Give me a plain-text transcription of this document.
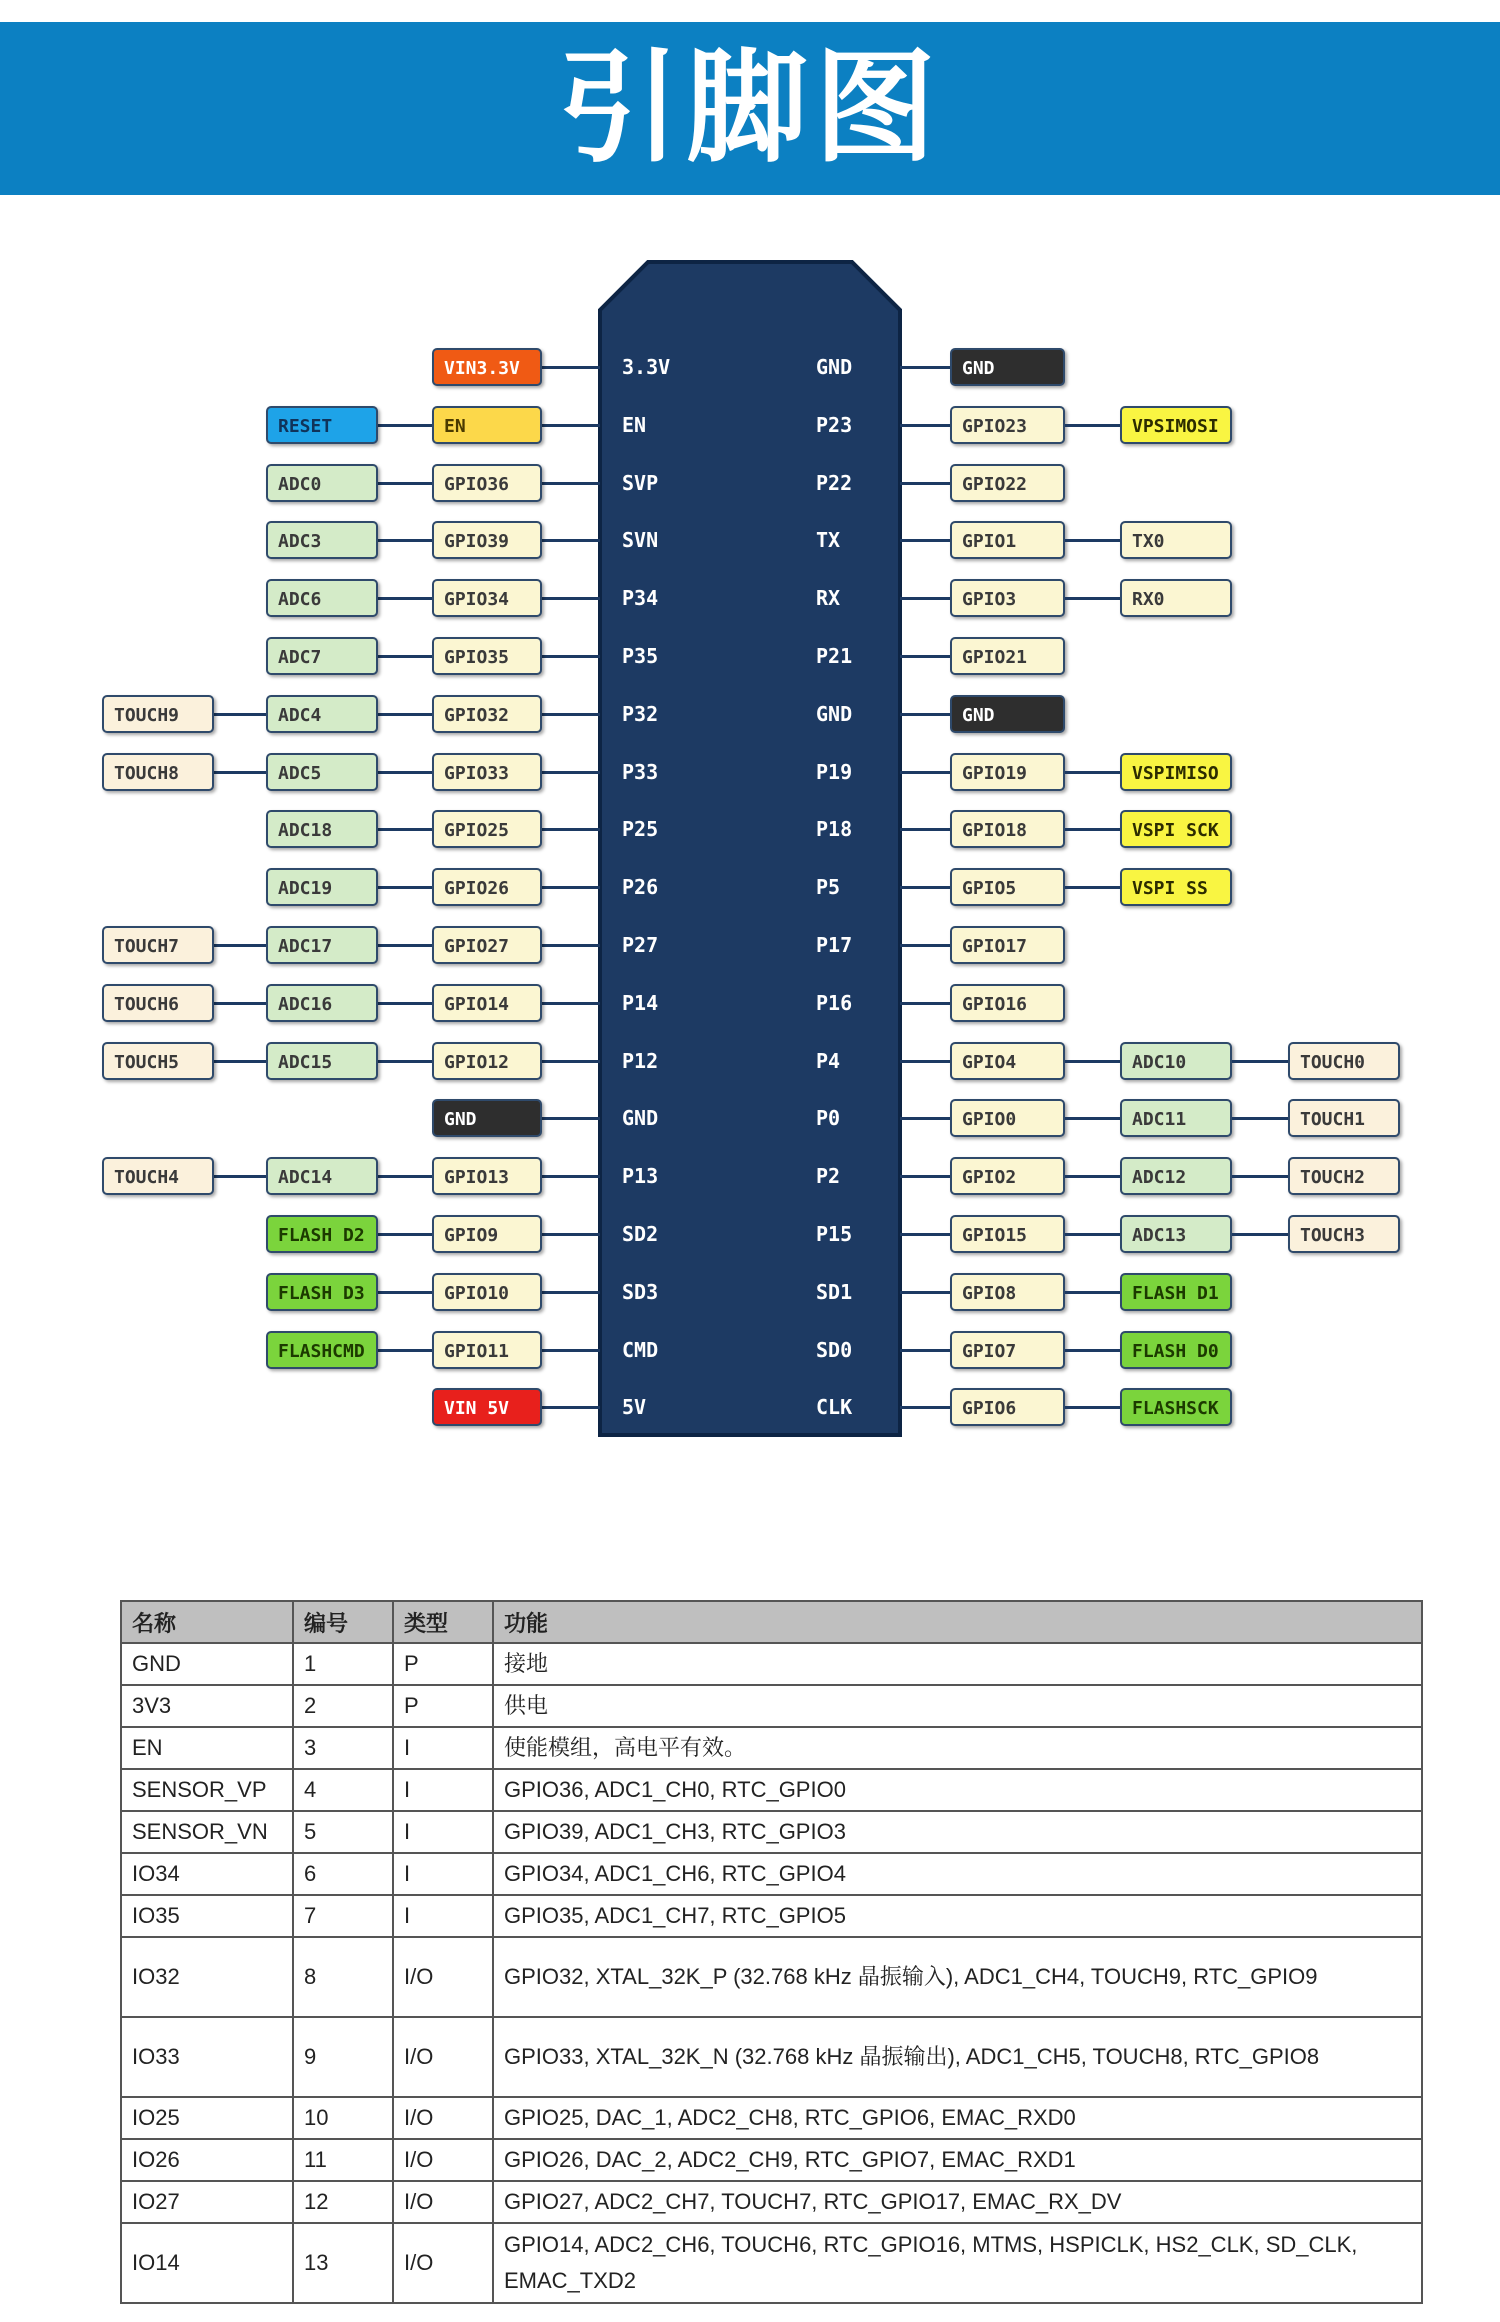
引脚图
3.3V
EN
SVP
SVN
P34
P35
P32
P33
P25
P26
P27
P14
P12
GND
P13
SD2
SD3
CMD
5V
GND
P23
P22
TX
RX
P21
GND
P19
P18
P5
P17
P16
P4
P0
P2
P15
SD1
SD0
CLK
VIN3.3V
EN
RESET
GPIO36
ADC0
GPIO39
ADC3
GPIO34
ADC6
GPIO35
ADC7
GPIO32
ADC4
TOUCH9
GPIO33
ADC5
TOUCH8
GPIO25
ADC18
GPIO26
ADC19
GPIO27
ADC17
TOUCH7
GPIO14
ADC16
TOUCH6
GPIO12
ADC15
TOUCH5
GND
GPIO13
ADC14
TOUCH4
GPIO9
FLASH D2
GPIO10
FLASH D3
GPIO11
FLASHCMD
VIN 5V
GND
GPIO23	VPSIMOSI
GPIO22
GPIO1	TX0
GPIO3	RX0
GPIO21
GND
GPIO19	VSPIMISO
GPIO18	VSPI SCK
GPIO5	VSPI SS
GPIO17
GPIO16
GPIO4	ADC10	TOUCH0
GPIO0	ADC11	TOUCH1
GPIO2	ADC12	TOUCH2
GPIO15	ADC13	TOUCH3
GPIO8	FLASH D1
GPIO7	FLASH D0
GPIO6	FLASHSCK
名称	编号	类型	功能
GND	1	P	接地
3V3	2	P	供电
EN	3	I	使能模组，高电平有效。
SENSOR_VP	4	I	GPIO36, ADC1_CH0, RTC_GPIO0
SENSOR_VN	5	I	GPIO39, ADC1_CH3, RTC_GPIO3
IO34	6	I	GPIO34, ADC1_CH6, RTC_GPIO4
IO35	7	I	GPIO35, ADC1_CH7, RTC_GPIO5
IO32	8	I/O	GPIO32, XTAL_32K_P (32.768 kHz 晶振输入), ADC1_CH4, TOUCH9, RTC_GPIO9
IO33	9	I/O	GPIO33, XTAL_32K_N (32.768 kHz 晶振输出), ADC1_CH5, TOUCH8, RTC_GPIO8
IO25	10	I/O	GPIO25, DAC_1, ADC2_CH8, RTC_GPIO6, EMAC_RXD0
IO26	11	I/O	GPIO26, DAC_2, ADC2_CH9, RTC_GPIO7, EMAC_RXD1
IO27	12	I/O	GPIO27, ADC2_CH7, TOUCH7, RTC_GPIO17, EMAC_RX_DV
IO14	13	I/O	GPIO14, ADC2_CH6, TOUCH6, RTC_GPIO16, MTMS, HSPICLK, HS2_CLK, SD_CLK, EMAC_TXD2
